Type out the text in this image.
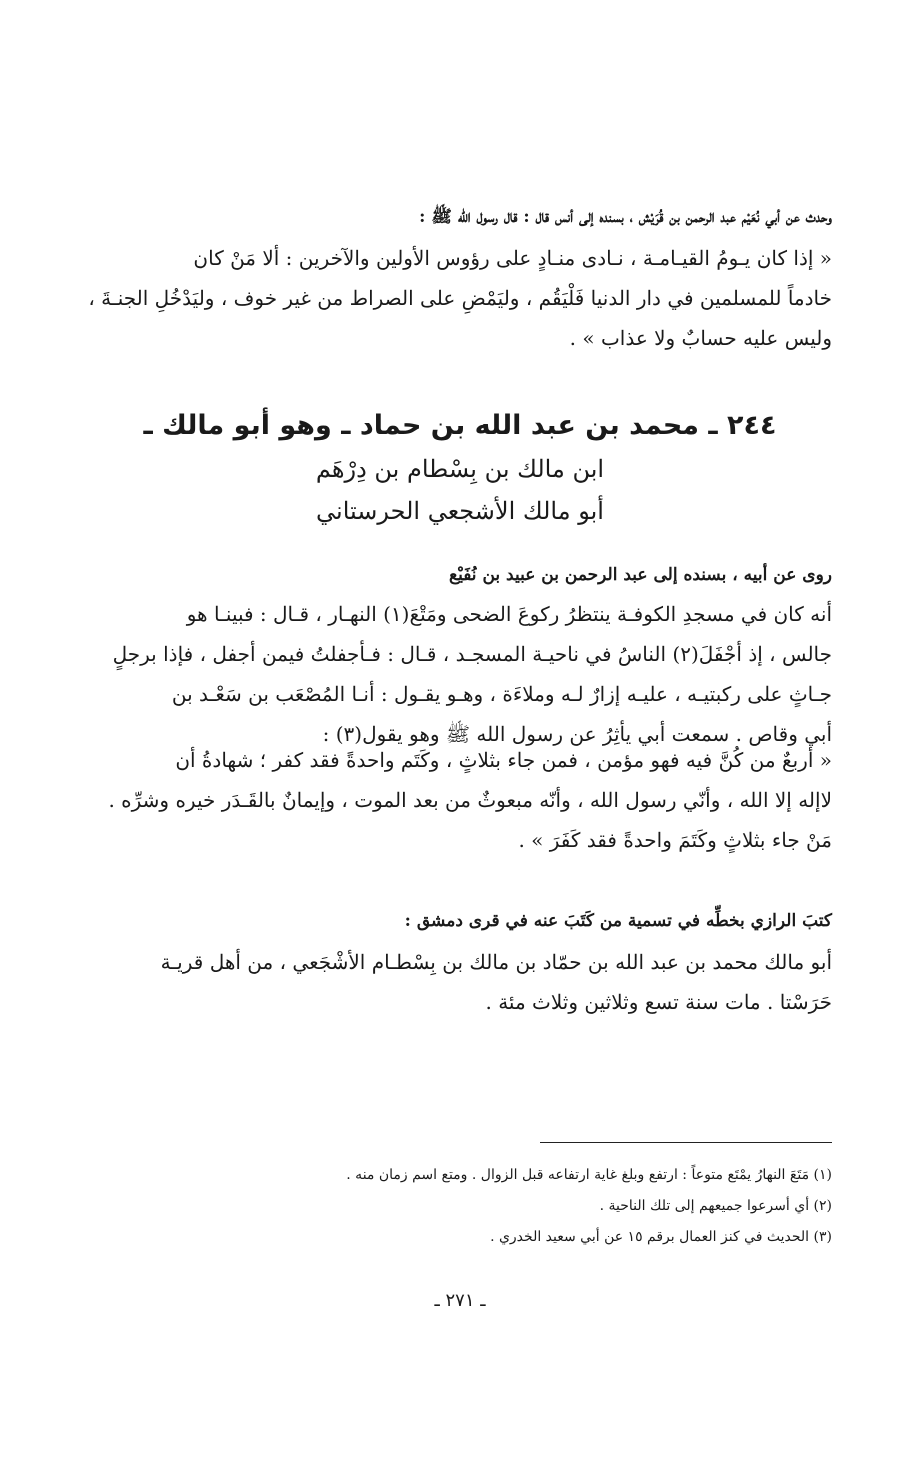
وحدث عن أبي نُعَيْم عبد الرحمن بن قُرَيْش ، بسنده إلى أنس قال : قال رسول الله ﷺ :
« إذا كان يـومُ القيـامـة ، نـادى منـادٍ على رؤوس الأولين والآخرين : ألا مَنْ كان
خادماً للمسلمين في دار الدنيا فَلْيَقُم ، وليَمْضِ على الصراط من غير خوف ، وليَدْخُلِ الجنـةَ ،
وليس عليه حسابٌ ولا عذاب » .
٢٤٤ ـ محمد بن عبد الله بن حماد ـ وهو أبو مالك ـ
ابن مالك بن بِسْطام بن دِرْهَم
أبو مالك الأشجعي الحرستاني
روى عن أبيه ، بسنده إلى عبد الرحمن بن عبيد بن نُفَيْع
أنه كان في مسجدِ الكوفـة ينتظرُ ركوعَ الضحى ومَتْعَ(١) النهـار ، قـال : فبينـا هو
جالس ، إذ أجْفَلَ(٢) الناسُ في ناحيـة المسجـد ، قـال : فـأجفلتُ فيمن أجفل ، فإذا برجلٍ
جـاثٍ على ركبتيـه ، عليـه إزارٌ لـه وملاءَة ، وهـو يقـول : أنـا المُصْعَب بن سَعْـد بن
أبي وقاص . سمعت أبي يأثِرُ عن رسول الله ﷺ وهو يقول(٣) :
« أربعٌ من كُنَّ فيه فهو مؤمن ، فمن جاء بثلاثٍ ، وكَتَم واحدةً فقد كفر ؛ شهادةُ أن
لاإله إلا الله ، وأنّي رسول الله ، وأنّه مبعوثٌ من بعد الموت ، وإيمانٌ بالقَـدَر خيره وشرِّه .
مَنْ جاء بثلاثٍ وكَتَمَ واحدةً فقد كَفَرَ » .
كتبَ الرازي بخطِّه في تسمية من كَتَبَ عنه في قرى دمشق :
أبو مالك محمد بن عبد الله بن حمّاد بن مالك بن بِسْطـام الأشْجَعي ، من أهل قريـة
حَرَسْتا . مات سنة تسع وثلاثين وثلاث مئة .
(١) مَتَعَ النهارُ يمْتَع متوعاً : ارتفع وبلغ غاية ارتفاعه قبل الزوال . ومتع اسم زمان منه .
(٢) أي أسرعوا جميعهم إلى تلك الناحية .
(٣) الحديث في كنز العمال برقم ١٥ عن أبي سعيد الخدري .
ـ ٢٧١ ـ
